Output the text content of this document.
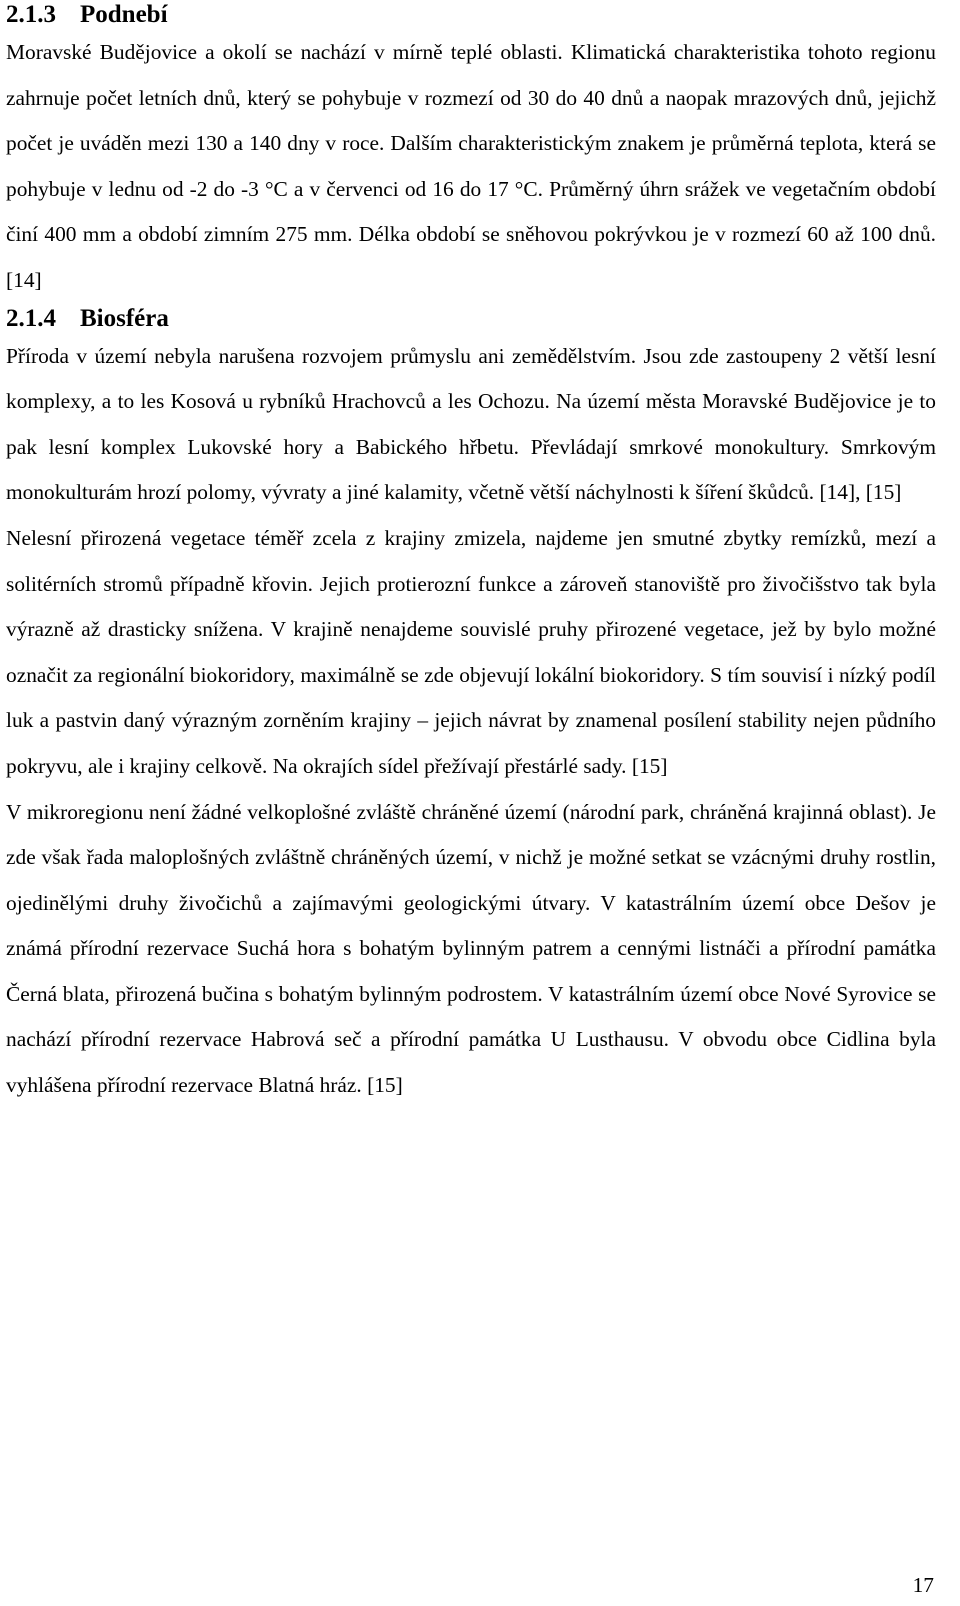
2.1.3 Podnebí

Moravské Budějovice a okolí se nachází v mírně teplé oblasti. Klimatická charakteristika tohoto regionu zahrnuje počet letních dnů, který se pohybuje v rozmezí od 30 do 40 dnů a naopak mrazových dnů, jejichž počet je uváděn mezi 130 a 140 dny v roce. Dalším charakteristickým znakem je průměrná teplota, která se pohybuje v lednu od -2 do -3 °C a v červenci od 16 do 17 °C. Průměrný úhrn srážek ve vegetačním období činí 400 mm a období zimním 275 mm. Délka období se sněhovou pokrývkou je v rozmezí 60 až 100 dnů. [14]

2.1.4 Biosféra

Příroda v území nebyla narušena rozvojem průmyslu ani zemědělstvím. Jsou zde zastoupeny 2 větší lesní komplexy, a to les Kosová u rybníků Hrachovců a les Ochozu. Na území města Moravské Budějovice je to pak lesní komplex Lukovské hory a Babického hřbetu. Převládají smrkové monokultury. Smrkovým monokulturám hrozí polomy, vývraty a jiné kalamity, včetně větší náchylnosti k šíření škůdců. [14], [15]

Nelesní přirozená vegetace téměř zcela z krajiny zmizela, najdeme jen smutné zbytky remízků, mezí a solitérních stromů případně křovin. Jejich protierozní funkce a zároveň stanoviště pro živočišstvo tak byla výrazně až drasticky snížena. V krajině nenajdeme souvislé pruhy přirozené vegetace, jež by bylo možné označit za regionální biokoridory, maximálně se zde objevují lokální biokoridory. S tím souvisí i nízký podíl luk a pastvin daný výrazným zorněním krajiny – jejich návrat by znamenal posílení stability nejen půdního pokryvu, ale i krajiny celkově. Na okrajích sídel přežívají přestárlé sady. [15]

V mikroregionu není žádné velkoplošné zvláště chráněné území (národní park, chráněná krajinná oblast). Je zde však řada maloplošných zvláštně chráněných území, v nichž je možné setkat se vzácnými druhy rostlin, ojedinělými druhy živočichů a zajímavými geologickými útvary. V katastrálním území obce Dešov je známá přírodní rezervace Suchá hora s bohatým bylinným patrem a cennými listnáči a přírodní památka Černá blata, přirozená bučina s bohatým bylinným podrostem. V katastrálním území obce Nové Syrovice se nachází přírodní rezervace Habrová seč a přírodní památka U Lusthausu. V obvodu obce Cidlina byla vyhlášena přírodní rezervace Blatná hráz. [15]

17
